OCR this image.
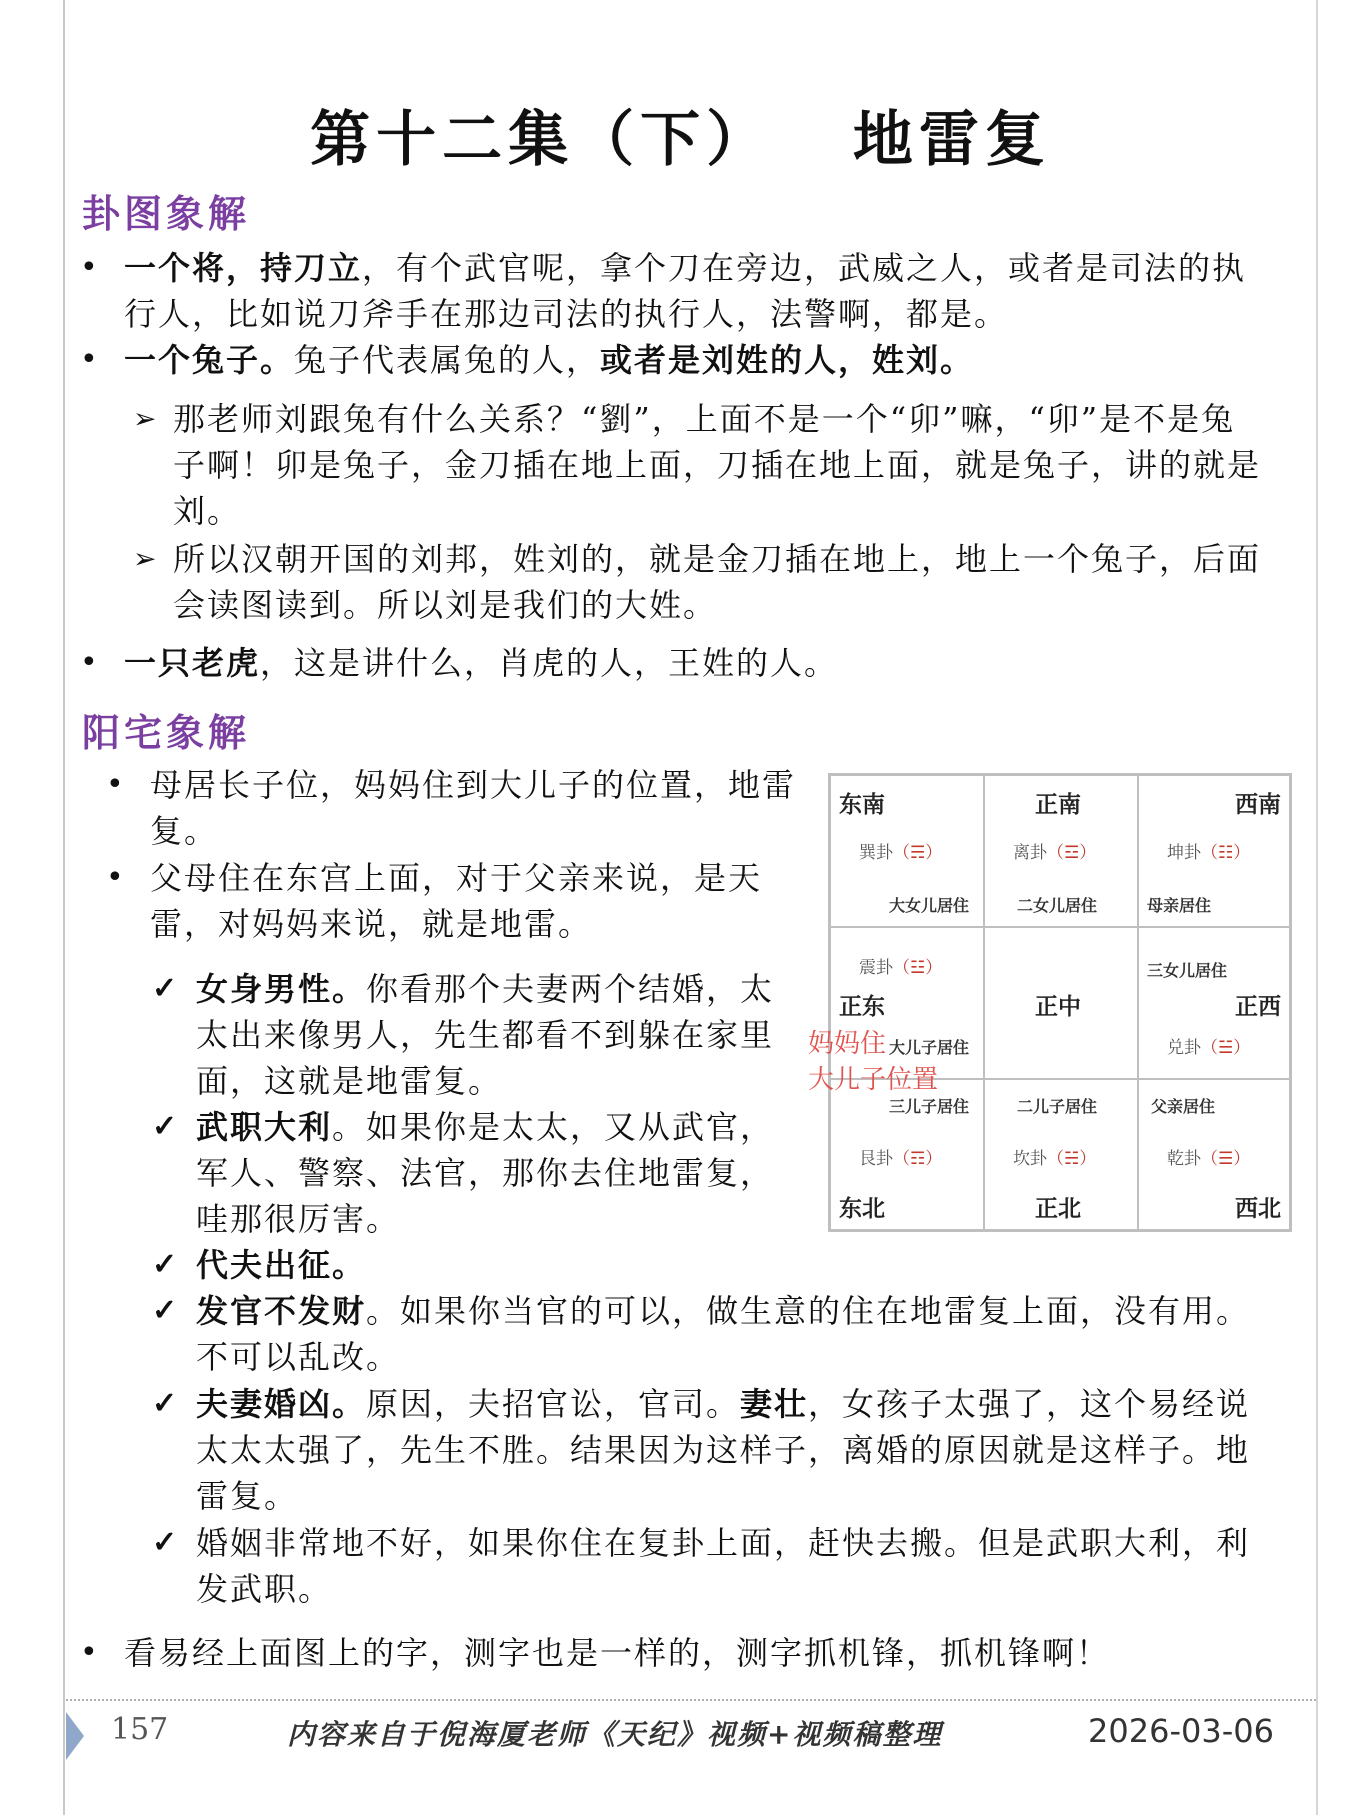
第十二集（下）   地雷复
卦图象解
• 一个将，持刀立，有个武官呢，拿个刀在旁边，武威之人，或者是司法的执行人，比如说刀斧手在那边司法的执行人，法警啊，都是。
• 一个兔子。兔子代表属兔的人，或者是刘姓的人，姓刘。
➢ 那老师刘跟兔有什么关系？“劉”，上面不是一个“卯”嘛，“卯”是不是兔子啊！卯是兔子，金刀插在地上面，刀插在地上面，就是兔子，讲的就是刘。
➢ 所以汉朝开国的刘邦，姓刘的，就是金刀插在地上，地上一个兔子，后面会读图读到。所以刘是我们的大姓。
• 一只老虎，这是讲什么，肖虎的人，王姓的人。
阳宅象解
• 母居长子位，妈妈住到大儿子的位置，地雷复。
• 父母住在东宫上面，对于父亲来说，是天雷，对妈妈来说，就是地雷。
✓ 女身男性。你看那个夫妻两个结婚，太太出来像男人，先生都看不到躲在家里面，这就是地雷复。
✓ 武职大利。如果你是太太，又从武官，军人、警察、法官，那你去住地雷复，哇那很厉害。
✓ 代夫出征。
✓ 发官不发财。如果你当官的可以，做生意的住在地雷复上面，没有用。不可以乱改。
✓ 夫妻婚凶。原因，夫招官讼，官司。妻壮，女孩子太强了，这个易经说太太太强了，先生不胜。结果因为这样子，离婚的原因就是这样子。地雷复。
✓ 婚姻非常地不好，如果你住在复卦上面，赶快去搬。但是武职大利，利发武职。
• 看易经上面图上的字，测字也是一样的，测字抓机锋，抓机锋啊！
东南
巽卦（☴）
大女儿居住
正南
离卦（☲）
二女儿居住
西南
坤卦（☷）
母亲居住
震卦（☳）
正东
大儿子居住
正中
三女儿居住
正西
兑卦（☱）
三儿子居住
艮卦（☶）
东北
二儿子居住
坎卦（☵）
正北
父亲居住
乾卦（☰）
西北
妈妈住
大儿子位置
157	内容来自于倪海厦老师《天纪》视频+视频稿整理	2026-03-06
